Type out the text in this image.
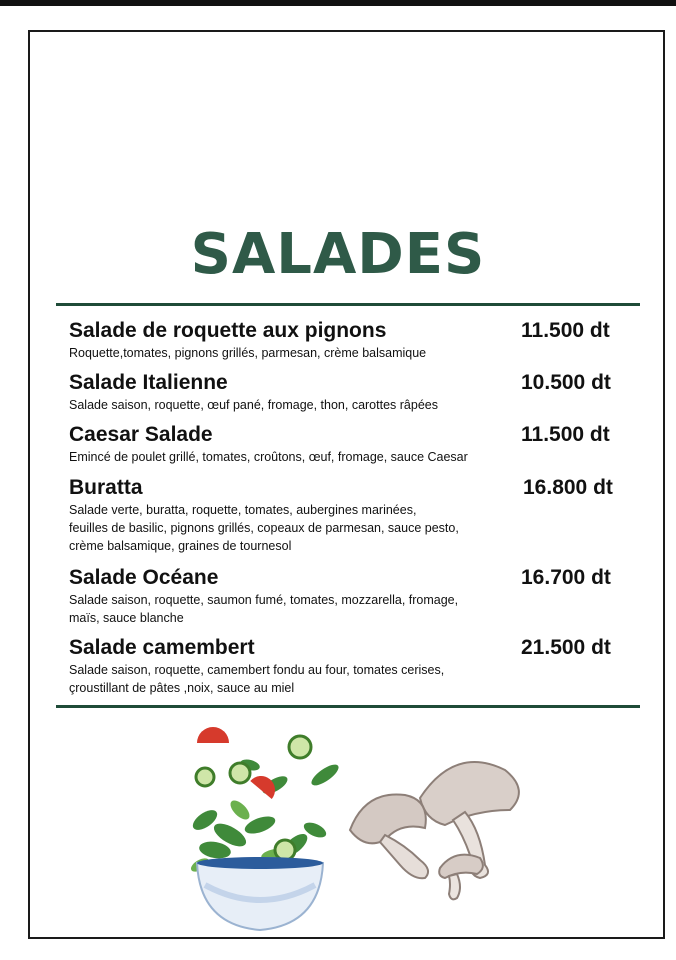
SALADES
Salade de roquette aux pignons	11.500 dt
Roquette,tomates, pignons grillés, parmesan, crème balsamique
Salade Italienne	10.500 dt
Salade saison, roquette, œuf pané, fromage, thon, carottes râpées
Caesar Salade	11.500 dt
Emincé de poulet grillé, tomates, croûtons, œuf, fromage, sauce Caesar
Buratta	16.800 dt
Salade verte, buratta, roquette, tomates, aubergines marinées,
feuilles de basilic, pignons grillés, copeaux de parmesan, sauce pesto,
crème balsamique, graines de tournesol
Salade Océane	16.700 dt
Salade saison, roquette, saumon fumé, tomates, mozzarella, fromage,
maïs, sauce blanche
Salade camembert	21.500 dt
Salade saison, roquette, camembert fondu au four, tomates cerises,
çroustillant de pâtes ,noix, sauce au miel
